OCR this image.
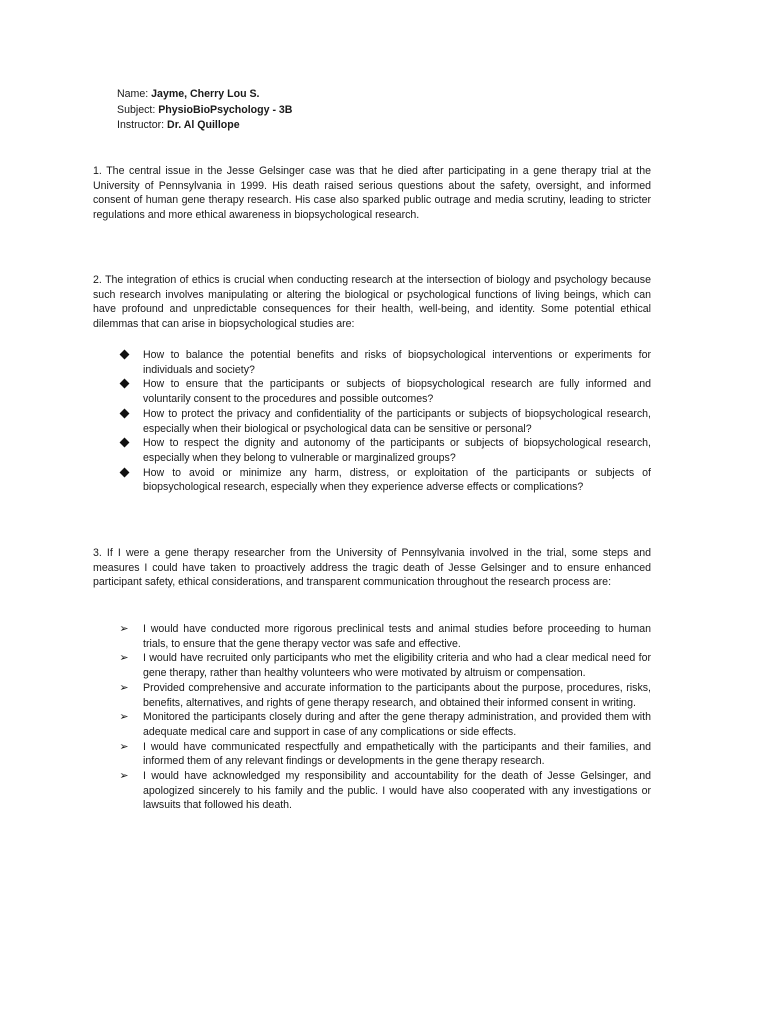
Name: Jayme, Cherry Lou S.
Subject: PhysioBioPsychology - 3B
Instructor: Dr. Al Quillope

1. The central issue in the Jesse Gelsinger case was that he died after participating in a gene therapy trial at the University of Pennsylvania in 1999. His death raised serious questions about the safety, oversight, and informed consent of human gene therapy research. His case also sparked public outrage and media scrutiny, leading to stricter regulations and more ethical awareness in biopsychological research.

2. The integration of ethics is crucial when conducting research at the intersection of biology and psychology because such research involves manipulating or altering the biological or psychological functions of living beings, which can have profound and unpredictable consequences for their health, well-being, and identity. Some potential ethical dilemmas that can arise in biopsychological studies are:

How to balance the potential benefits and risks of biopsychological interventions or experiments for individuals and society?
How to ensure that the participants or subjects of biopsychological research are fully informed and voluntarily consent to the procedures and possible outcomes?
How to protect the privacy and confidentiality of the participants or subjects of biopsychological research, especially when their biological or psychological data can be sensitive or personal?
How to respect the dignity and autonomy of the participants or subjects of biopsychological research, especially when they belong to vulnerable or marginalized groups?
How to avoid or minimize any harm, distress, or exploitation of the participants or subjects of biopsychological research, especially when they experience adverse effects or complications?

3. If I were a gene therapy researcher from the University of Pennsylvania involved in the trial, some steps and measures I could have taken to proactively address the tragic death of Jesse Gelsinger and to ensure enhanced participant safety, ethical considerations, and transparent communication throughout the research process are:

➢ I would have conducted more rigorous preclinical tests and animal studies before proceeding to human trials, to ensure that the gene therapy vector was safe and effective.
➢ I would have recruited only participants who met the eligibility criteria and who had a clear medical need for gene therapy, rather than healthy volunteers who were motivated by altruism or compensation.
➢ Provided comprehensive and accurate information to the participants about the purpose, procedures, risks, benefits, alternatives, and rights of gene therapy research, and obtained their informed consent in writing.
➢ Monitored the participants closely during and after the gene therapy administration, and provided them with adequate medical care and support in case of any complications or side effects.
➢ I would have communicated respectfully and empathetically with the participants and their families, and informed them of any relevant findings or developments in the gene therapy research.
➢ I would have acknowledged my responsibility and accountability for the death of Jesse Gelsinger, and apologized sincerely to his family and the public. I would have also cooperated with any investigations or lawsuits that followed his death.
